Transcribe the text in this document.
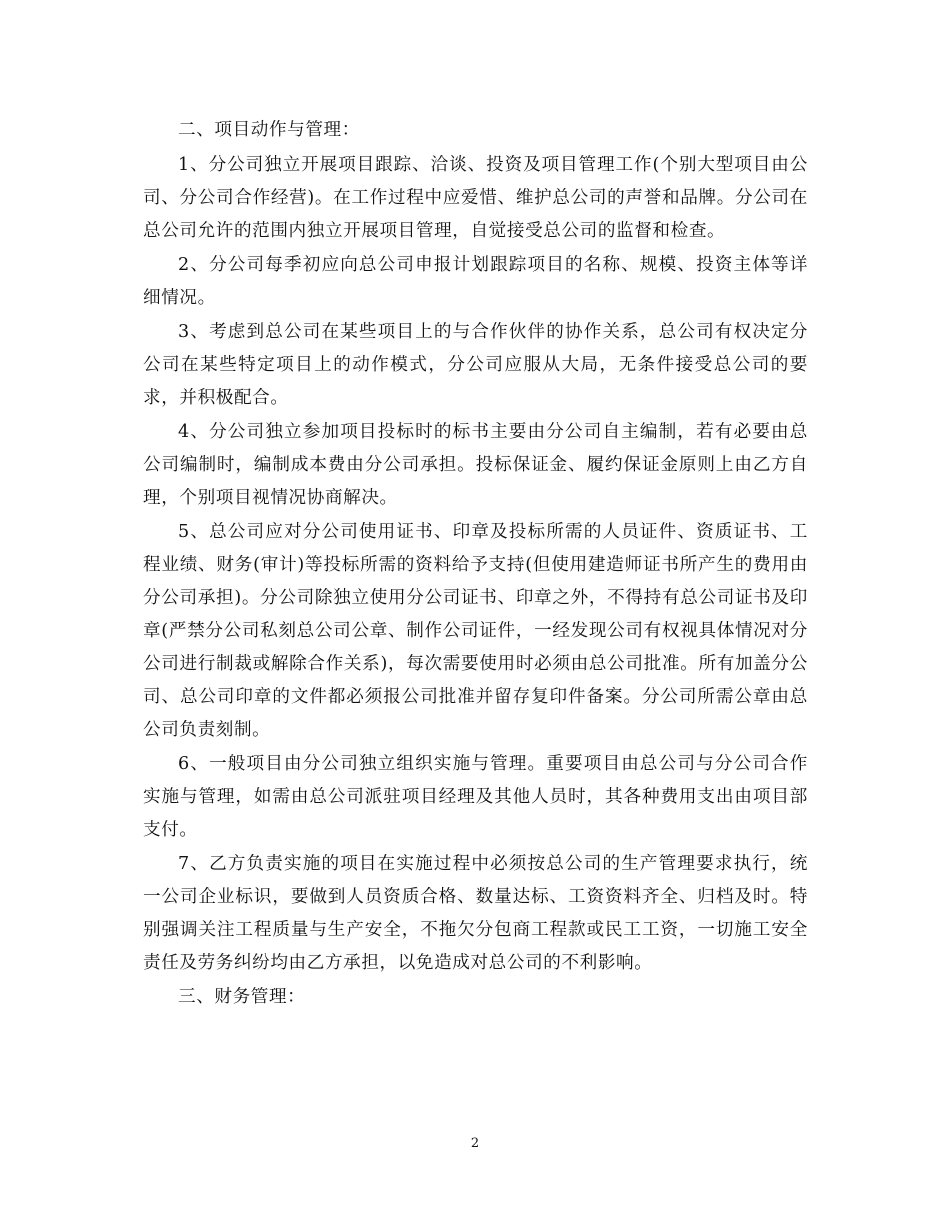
二、项目动作与管理：

1、分公司独立开展项目跟踪、洽谈、投资及项目管理工作(个别大型项目由公司、分公司合作经营)。在工作过程中应爱惜、维护总公司的声誉和品牌。分公司在总公司允许的范围内独立开展项目管理，自觉接受总公司的监督和检查。

2、分公司每季初应向总公司申报计划跟踪项目的名称、规模、投资主体等详细情况。

3、考虑到总公司在某些项目上的与合作伙伴的协作关系，总公司有权决定分公司在某些特定项目上的动作模式，分公司应服从大局，无条件接受总公司的要求，并积极配合。

4、分公司独立参加项目投标时的标书主要由分公司自主编制，若有必要由总公司编制时，编制成本费由分公司承担。投标保证金、履约保证金原则上由乙方自理，个别项目视情况协商解决。

5、总公司应对分公司使用证书、印章及投标所需的人员证件、资质证书、工程业绩、财务(审计)等投标所需的资料给予支持(但使用建造师证书所产生的费用由分公司承担)。分公司除独立使用分公司证书、印章之外，不得持有总公司证书及印章(严禁分公司私刻总公司公章、制作公司证件，一经发现公司有权视具体情况对分公司进行制裁或解除合作关系)，每次需要使用时必须由总公司批准。所有加盖分公司、总公司印章的文件都必须报公司批准并留存复印件备案。分公司所需公章由总公司负责刻制。

6、一般项目由分公司独立组织实施与管理。重要项目由总公司与分公司合作实施与管理，如需由总公司派驻项目经理及其他人员时，其各种费用支出由项目部支付。

7、乙方负责实施的项目在实施过程中必须按总公司的生产管理要求执行，统一公司企业标识，要做到人员资质合格、数量达标、工资资料齐全、归档及时。特别强调关注工程质量与生产安全，不拖欠分包商工程款或民工工资，一切施工安全责任及劳务纠纷均由乙方承担，以免造成对总公司的不利影响。

三、财务管理：

2
